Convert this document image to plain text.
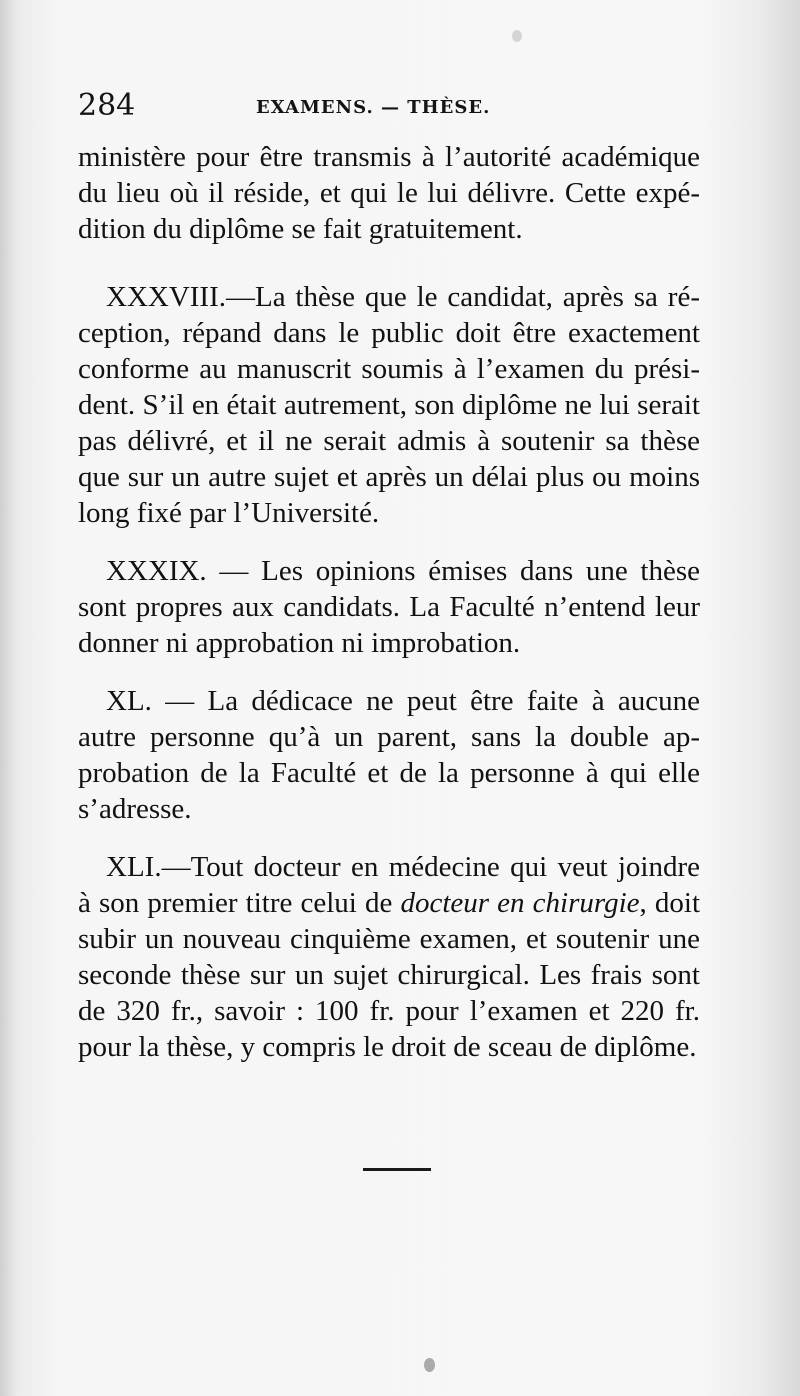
284	EXAMENS. — THÈSE.

ministère pour être transmis à l’autorité académique du lieu où il réside, et qui le lui délivre. Cette expédition du diplôme se fait gratuitement.

XXXVIII.—La thèse que le candidat, après sa réception, répand dans le public doit être exactement conforme au manuscrit soumis à l’examen du président. S’il en était autrement, son diplôme ne lui serait pas délivré, et il ne serait admis à soutenir sa thèse que sur un autre sujet et après un délai plus ou moins long fixé par l’Université.

XXXIX. — Les opinions émises dans une thèse sont propres aux candidats. La Faculté n’entend leur donner ni approbation ni improbation.

XL. — La dédicace ne peut être faite à aucune autre personne qu’à un parent, sans la double approbation de la Faculté et de la personne à qui elle s’adresse.

XLI.—Tout docteur en médecine qui veut joindre à son premier titre celui de docteur en chirurgie, doit subir un nouveau cinquième examen, et soutenir une seconde thèse sur un sujet chirurgical. Les frais sont de 320 fr., savoir : 100 fr. pour l’examen et 220 fr. pour la thèse, y compris le droit de sceau de diplôme.
